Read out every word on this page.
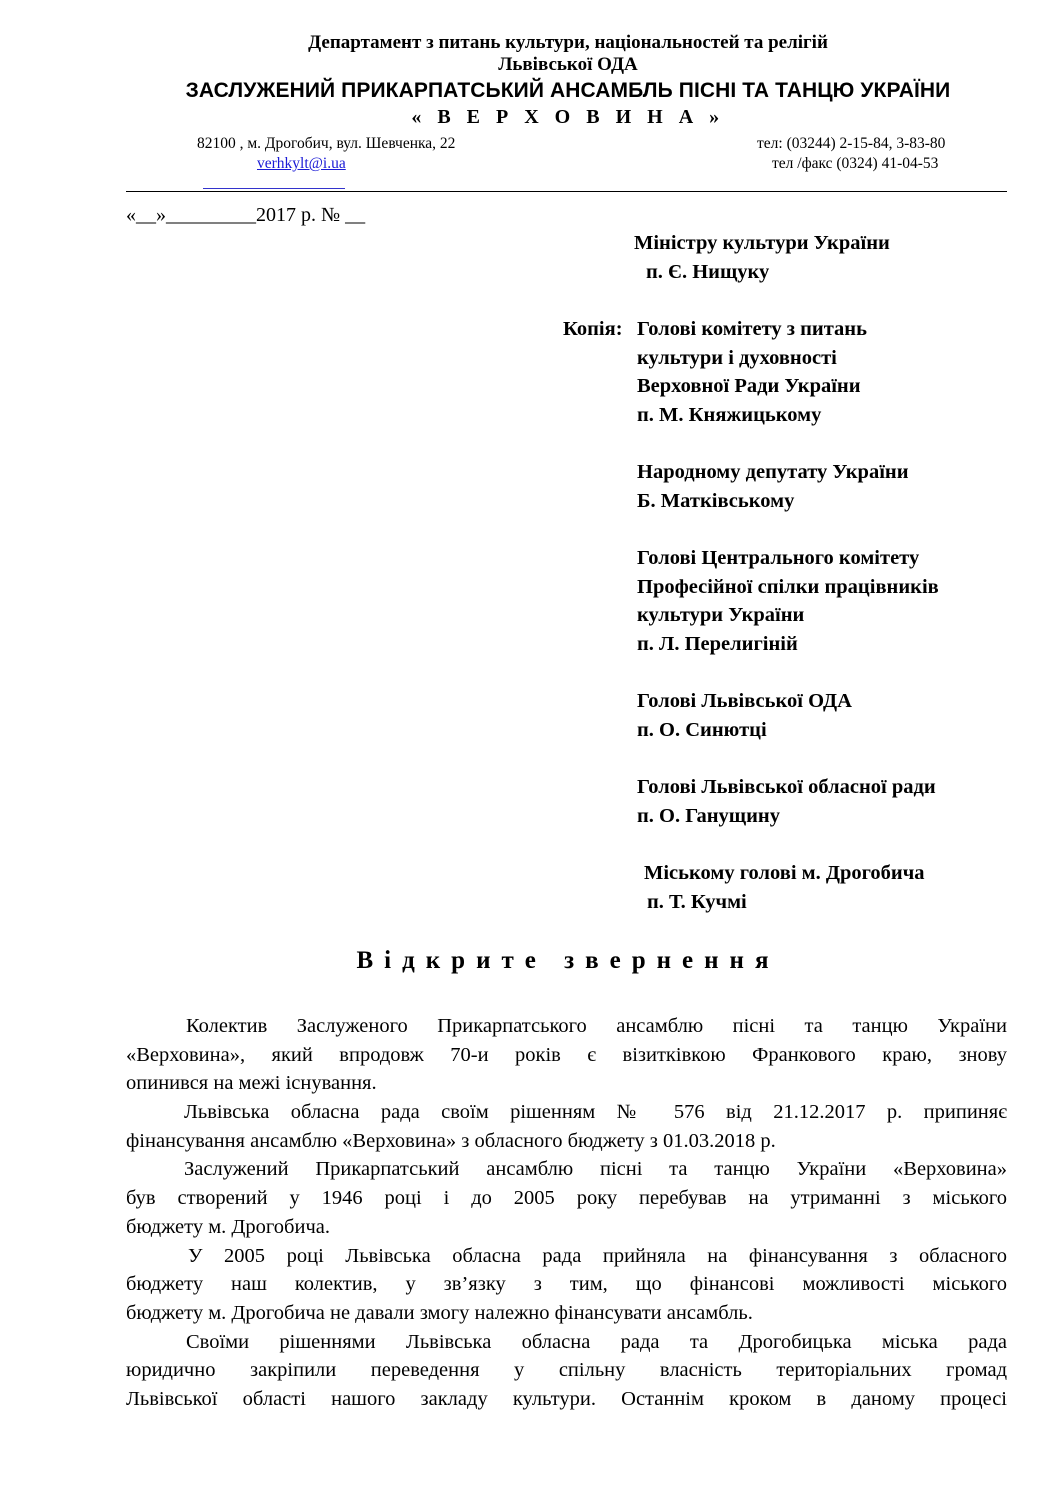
Департамент з питань культури, національностей та релігій
Львівської ОДА
ЗАСЛУЖЕНИЙ ПРИКАРПАТСЬКИЙ АНСАМБЛЬ ПІСНІ ТА ТАНЦЮ УКРАЇНИ
« В Е Р Х О В И Н А »
82100 , м. Дрогобич, вул. Шевченка, 22	тел: (03244) 2-15-84, 3-83-80
verhkylt@i.ua	тел /факс (0324) 41-04-53
«__»_________2017 р. № __
Міністру культури України
п. Є. Нищуку
Копія: Голові комітету з питань
культури і духовності
Верховної Ради України
п. М. Княжицькому
Народному депутату України
Б. Матківському
Голові Центрального комітету
Професійної спілки працівників
культури України
п. Л. Перелигіній
Голові Львівської ОДА
п. О. Синютці
Голові Львівської обласної ради
п. О. Ганущину
Міському голові м. Дрогобича
п. Т. Кучмі
Відкрите звернення
Колектив Заслуженого Прикарпатського ансамблю пісні та танцю України
«Верховина», який впродовж 70-и років є візитківкою Франкового краю, знову
опинився на межі існування.
Львівська обласна рада своїм рішенням № 576 від 21.12.2017 р. припиняє
фінансування ансамблю «Верховина» з обласного бюджету з 01.03.2018 р.
Заслужений Прикарпатський ансамблю пісні та танцю України «Верховина»
був створений у 1946 році і до 2005 року перебував на утриманні з міського
бюджету м. Дрогобича.
У 2005 році Львівська обласна рада прийняла на фінансування з обласного
бюджету наш колектив, у зв’язку з тим, що фінансові можливості міського
бюджету м. Дрогобича не давали змогу належно фінансувати ансамбль.
Своїми рішеннями Львівська обласна рада та Дрогобицька міська рада
юридично закріпили переведення у спільну власність територіальних громад
Львівської області нашого закладу культури. Останнім кроком в даному процесі
